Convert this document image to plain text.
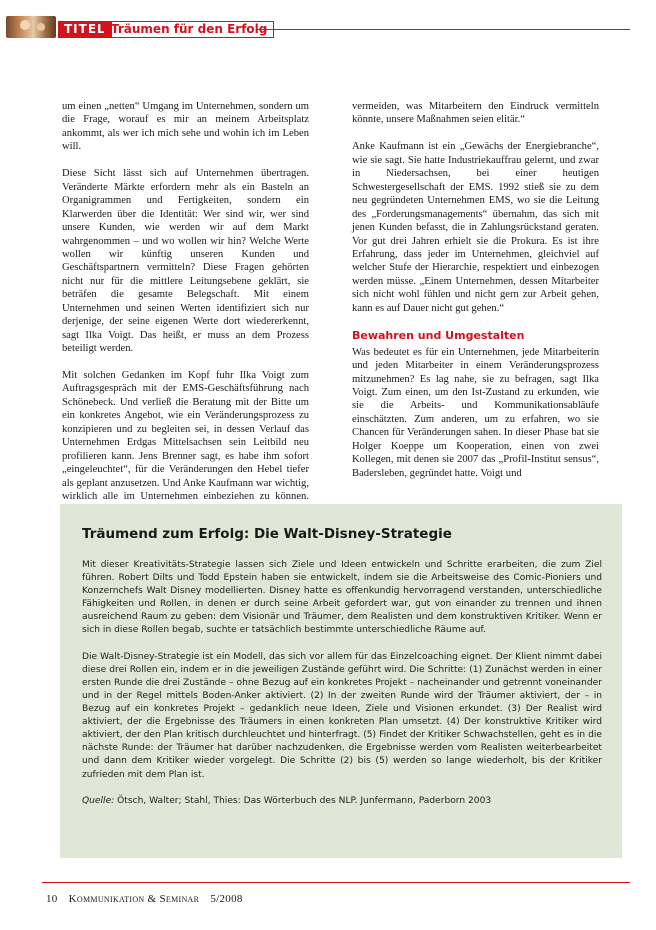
TITEL Träumen für den Erfolg

um einen „netten“ Umgang im Unternehmen, sondern um die Frage, worauf es mir an meinem Arbeitsplatz ankommt, als wer ich mich sehe und wohin ich im Leben will.

Diese Sicht lässt sich auf Unternehmen übertragen. Veränderte Märkte erfordern mehr als ein Basteln an Organigrammen und Fertigkeiten, sondern ein Klarwerden über die Identität: Wer sind wir, wer sind unsere Kunden, wie werden wir auf dem Markt wahrgenommen – und wo wollen wir hin? Welche Werte wollen wir künftig unseren Kunden und Geschäftspartnern vermitteln? Diese Fragen gehörten nicht nur für die mittlere Leitungsebene geklärt, sie beträfen die gesamte Belegschaft. Mit einem Unternehmen und seinen Werten identifiziert sich nur derjenige, der seine eigenen Werte dort wiedererkennt, sagt Ilka Voigt. Das heißt, er muss an dem Prozess beteiligt werden.

Mit solchen Gedanken im Kopf fuhr Ilka Voigt zum Auftragsgespräch mit der EMS-Geschäftsführung nach Schönebeck. Und verließ die Beratung mit der Bitte um ein konkretes Angebot, wie ein Veränderungsprozess zu konzipieren und zu begleiten sei, in dessen Verlauf das Unternehmen Erdgas Mittelsachsen sein Leitbild neu profilieren kann. Jens Brenner sagt, es habe ihm sofort „eingeleuchtet“, für die Veränderungen den Hebel tiefer als geplant anzusetzen. Und Anke Kaufmann war wichtig, wirklich alle im Unternehmen einbeziehen zu können.

vermeiden, was Mitarbeitern den Eindruck vermitteln könnte, unsere Maßnahmen seien elitär.“

Anke Kaufmann ist ein „Gewächs der Energiebranche“, wie sie sagt. Sie hatte Industriekauffrau gelernt, und zwar in Niedersachsen, bei einer heutigen Schwestergesellschaft der EMS. 1992 stieß sie zu dem neu gegründeten Unternehmen EMS, wo sie die Leitung des „Forderungsmanagements“ übernahm, das sich mit jenen Kunden befasst, die in Zahlungsrückstand geraten. Vor gut drei Jahren erhielt sie die Prokura. Es ist ihre Erfahrung, dass jeder im Unternehmen, gleichviel auf welcher Stufe der Hierarchie, respektiert und einbezogen werden müsse. „Einem Unternehmen, dessen Mitarbeiter sich nicht wohl fühlen und nicht gern zur Arbeit gehen, kann es auf Dauer nicht gut gehen.“

Bewahren und Umgestalten

Was bedeutet es für ein Unternehmen, jede Mitarbeiterin und jeden Mitarbeiter in einem Veränderungsprozess mitzunehmen? Es lag nahe, sie zu befragen, sagt Ilka Voigt. Zum einen, um den Ist-Zustand zu erkunden, wie sie die Arbeits- und Kommunikationsabläufe einschätzten. Zum anderen, um zu erfahren, wo sie Chancen für Veränderungen sahen. In dieser Phase bat sie Holger Koeppe um Kooperation, einen von zwei Kollegen, mit denen sie 2007 das „Profil-Institut sensus“, Badersleben, gegründet hatte. Voigt und

Träumend zum Erfolg: Die Walt-Disney-Strategie

Mit dieser Kreativitäts-Strategie lassen sich Ziele und Ideen entwickeln und Schritte erarbeiten, die zum Ziel führen. Robert Dilts und Todd Epstein haben sie entwickelt, indem sie die Arbeitsweise des Comic-Pioniers und Konzernchefs Walt Disney modellierten. Disney hatte es offenkundig hervorragend verstanden, unterschiedliche Fähigkeiten und Rollen, in denen er durch seine Arbeit gefordert war, gut von einander zu trennen und ihnen ausreichend Raum zu geben: dem Visionär und Träumer, dem Realisten und dem konstruktiven Kritiker. Wenn er sich in diese Rollen begab, suchte er tatsächlich bestimmte unterschiedliche Räume auf.

Die Walt-Disney-Strategie ist ein Modell, das sich vor allem für das Einzelcoaching eignet. Der Klient nimmt dabei diese drei Rollen ein, indem er in die jeweiligen Zustände geführt wird. Die Schritte: (1) Zunächst werden in einer ersten Runde die drei Zustände – ohne Bezug auf ein konkretes Projekt – nacheinander und getrennt voneinander und in der Regel mittels Boden-Anker aktiviert. (2) In der zweiten Runde wird der Träumer aktiviert, der – in Bezug auf ein konkretes Projekt – gedanklich neue Ideen, Ziele und Visionen erkundet. (3) Der Realist wird aktiviert, der die Ergebnisse des Träumers in einen konkreten Plan umsetzt. (4) Der konstruktive Kritiker wird aktiviert, der den Plan kritisch durchleuchtet und hinterfragt. (5) Findet der Kritiker Schwachstellen, geht es in die nächste Runde: der Träumer hat darüber nachzudenken, die Ergebnisse werden vom Realisten weiterbearbeitet und dann dem Kritiker wieder vorgelegt. Die Schritte (2) bis (5) werden so lange wiederholt, bis der Kritiker zufrieden mit dem Plan ist.

Quelle: Ötsch, Walter; Stahl, Thies: Das Wörterbuch des NLP. Junfermann, Paderborn 2003

10 Kommunikation & Seminar 5/2008
